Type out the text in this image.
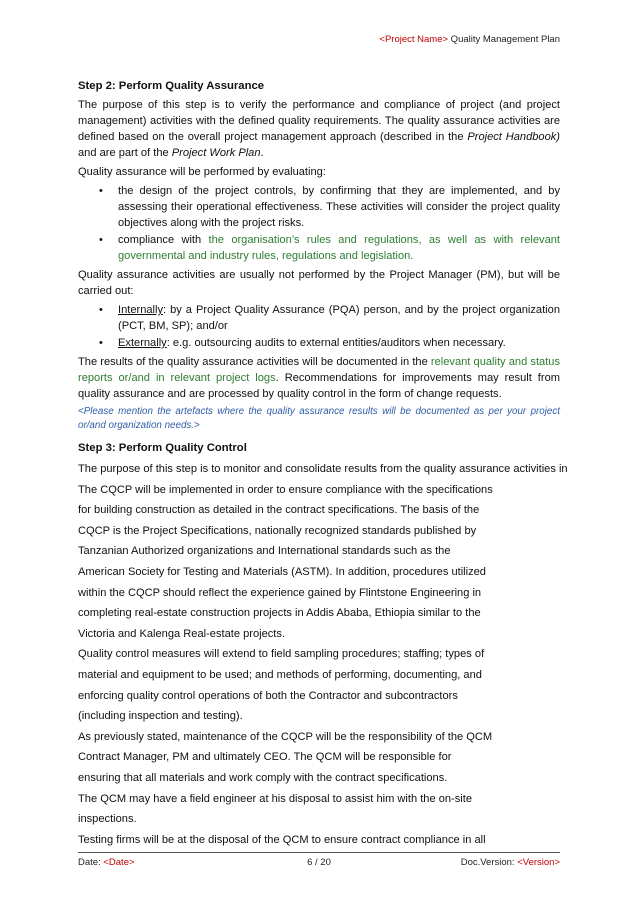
<Project Name> Quality Management Plan
Step 2: Perform Quality Assurance

The purpose of this step is to verify the performance and compliance of project (and project management) activities with the defined quality requirements. The quality assurance activities are defined based on the overall project management approach (described in the Project Handbook) and are part of the Project Work Plan.

Quality assurance will be performed by evaluating:

• the design of the project controls, by confirming that they are implemented, and by assessing their operational effectiveness. These activities will consider the project quality objectives along with the project risks.
• compliance with the organisation’s rules and regulations, as well as with relevant governmental and industry rules, regulations and legislation.

Quality assurance activities are usually not performed by the Project Manager (PM), but will be carried out:

• Internally: by a Project Quality Assurance (PQA) person, and by the project organization (PCT, BM, SP); and/or
• Externally: e.g. outsourcing audits to external entities/auditors when necessary.

The results of the quality assurance activities will be documented in the relevant quality and status reports or/and in relevant project logs. Recommendations for improvements may result from quality assurance and are processed by quality control in the form of change requests.

<Please mention the artefacts where the quality assurance results will be documented as per your project or/and organization needs.>

Step 3: Perform Quality Control

The purpose of this step is to monitor and consolidate results from the quality assurance activities in

The CQCP will be implemented in order to ensure compliance with the specifications

for building construction as detailed in the contract specifications. The basis of the

CQCP is the Project Specifications, nationally recognized standards published by

Tanzanian Authorized organizations and International standards such as the

American Society for Testing and Materials (ASTM). In addition, procedures utilized

within the CQCP should reflect the experience gained by Flintstone Engineering in

completing real-estate construction projects in Addis Ababa, Ethiopia similar to the

Victoria and Kalenga Real-estate projects.

Quality control measures will extend to field sampling procedures; staffing; types of

material and equipment to be used; and methods of performing, documenting, and

enforcing quality control operations of both the Contractor and subcontractors

(including inspection and testing).

As previously stated, maintenance of the CQCP will be the responsibility of the QCM

Contract Manager, PM and ultimately CEO. The QCM will be responsible for

ensuring that all materials and work comply with the contract specifications.

The QCM may have a field engineer at his disposal to assist him with the on-site

inspections.

Testing firms will be at the disposal of the QCM to ensure contract compliance in all

Date: <Date>	6 / 20	Doc.Version: <Version>
